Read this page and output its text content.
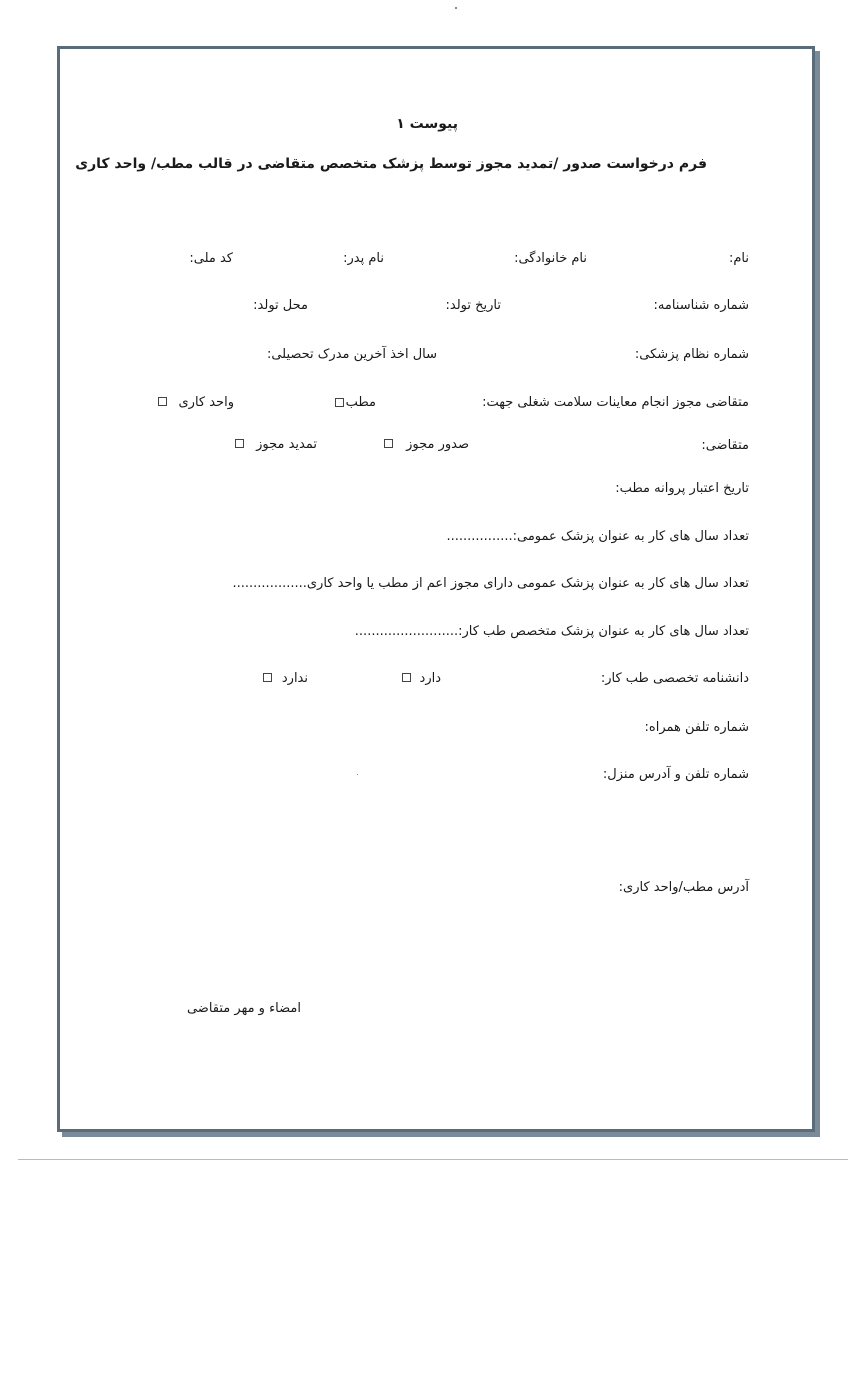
پیوست ۱
فرم درخواست صدور /تمدید مجوز توسط پزشک متخصص متقاضی در قالب مطب/ واحد کاری
نام:
نام خانوادگی:
نام پدر:
کد ملی:
شماره شناسنامه:
تاریخ تولد:
محل تولد:
شماره نظام پزشکی:
سال اخذ آخرین مدرک تحصیلی:
متقاضی مجوز انجام معاینات سلامت شغلی جهت:
مطب
واحد کاری
متقاضی:
صدور مجوز
تمدید مجوز
تاریخ اعتبار پروانه مطب:
تعداد سال های کار به عنوان پزشک عمومی:................
تعداد سال های کار به عنوان پزشک عمومی دارای مجوز اعم از مطب یا واحد کاری..................
تعداد سال های کار به عنوان پزشک متخصص طب کار:.........................
دانشنامه تخصصی طب کار:
دارد
ندارد
شماره تلفن همراه:
شماره تلفن و آدرس منزل:
آدرس مطب/واحد کاری:
امضاء و مهر متقاضی
